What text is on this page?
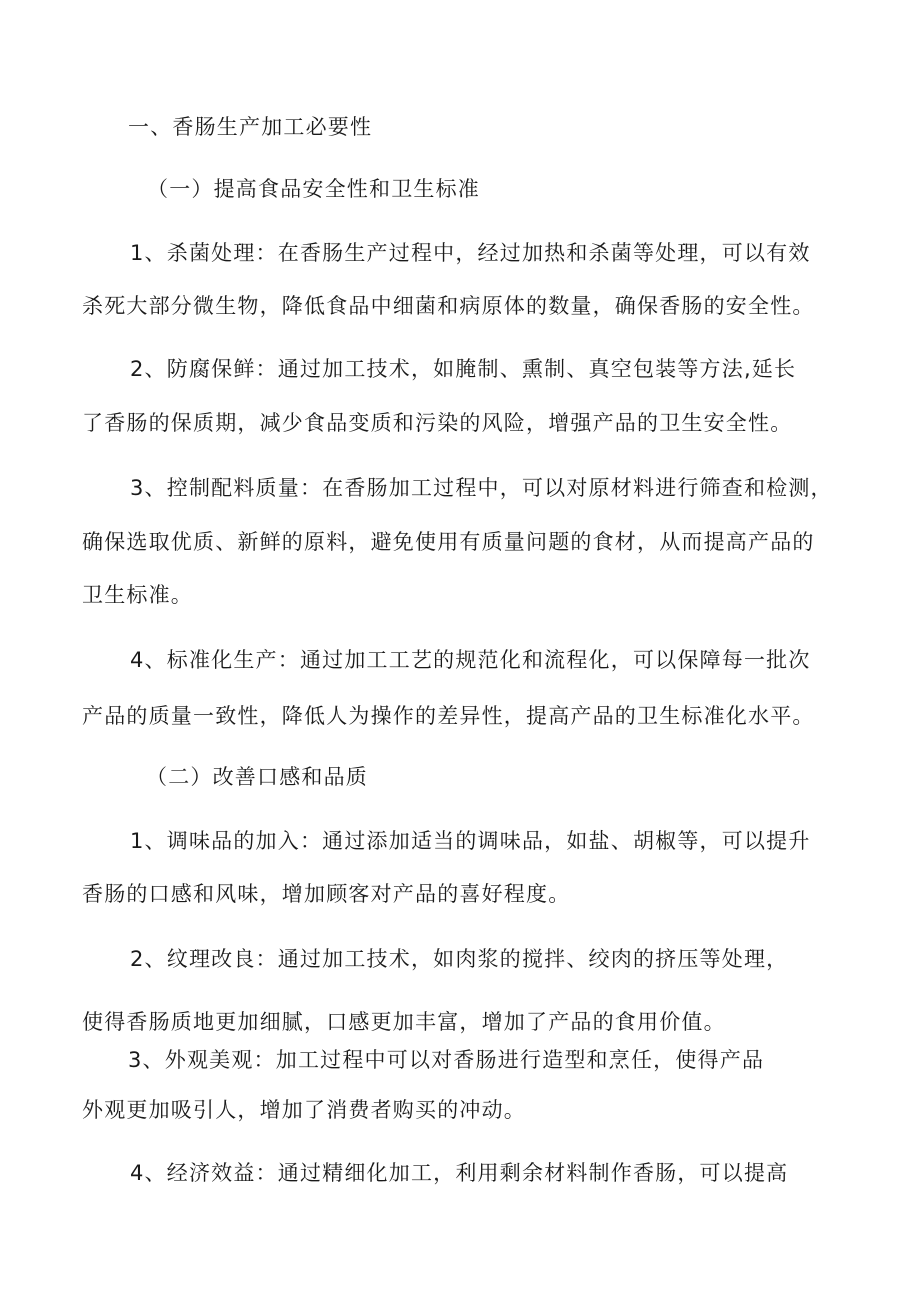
一、香肠生产加工必要性

（一）提高食品安全性和卫生标准

1、杀菌处理：在香肠生产过程中，经过加热和杀菌等处理，可以有效

杀死大部分微生物，降低食品中细菌和病原体的数量，确保香肠的安全性。

2、防腐保鲜：通过加工技术，如腌制、熏制、真空包装等方法,延长

了香肠的保质期，减少食品变质和污染的风险，增强产品的卫生安全性。

3、控制配料质量：在香肠加工过程中，可以对原材料进行筛查和检测，

确保选取优质、新鲜的原料，避免使用有质量问题的食材，从而提高产品的

卫生标准。

4、标准化生产：通过加工工艺的规范化和流程化，可以保障每一批次

产品的质量一致性，降低人为操作的差异性，提高产品的卫生标准化水平。

（二）改善口感和品质

1、调味品的加入：通过添加适当的调味品，如盐、胡椒等，可以提升

香肠的口感和风味，增加顾客对产品的喜好程度。

2、纹理改良：通过加工技术，如肉浆的搅拌、绞肉的挤压等处理，

使得香肠质地更加细腻，口感更加丰富，增加了产品的食用价值。

3、外观美观：加工过程中可以对香肠进行造型和烹任，使得产品

外观更加吸引人，增加了消费者购买的冲动。

4、经济效益：通过精细化加工，利用剩余材料制作香肠，可以提高
